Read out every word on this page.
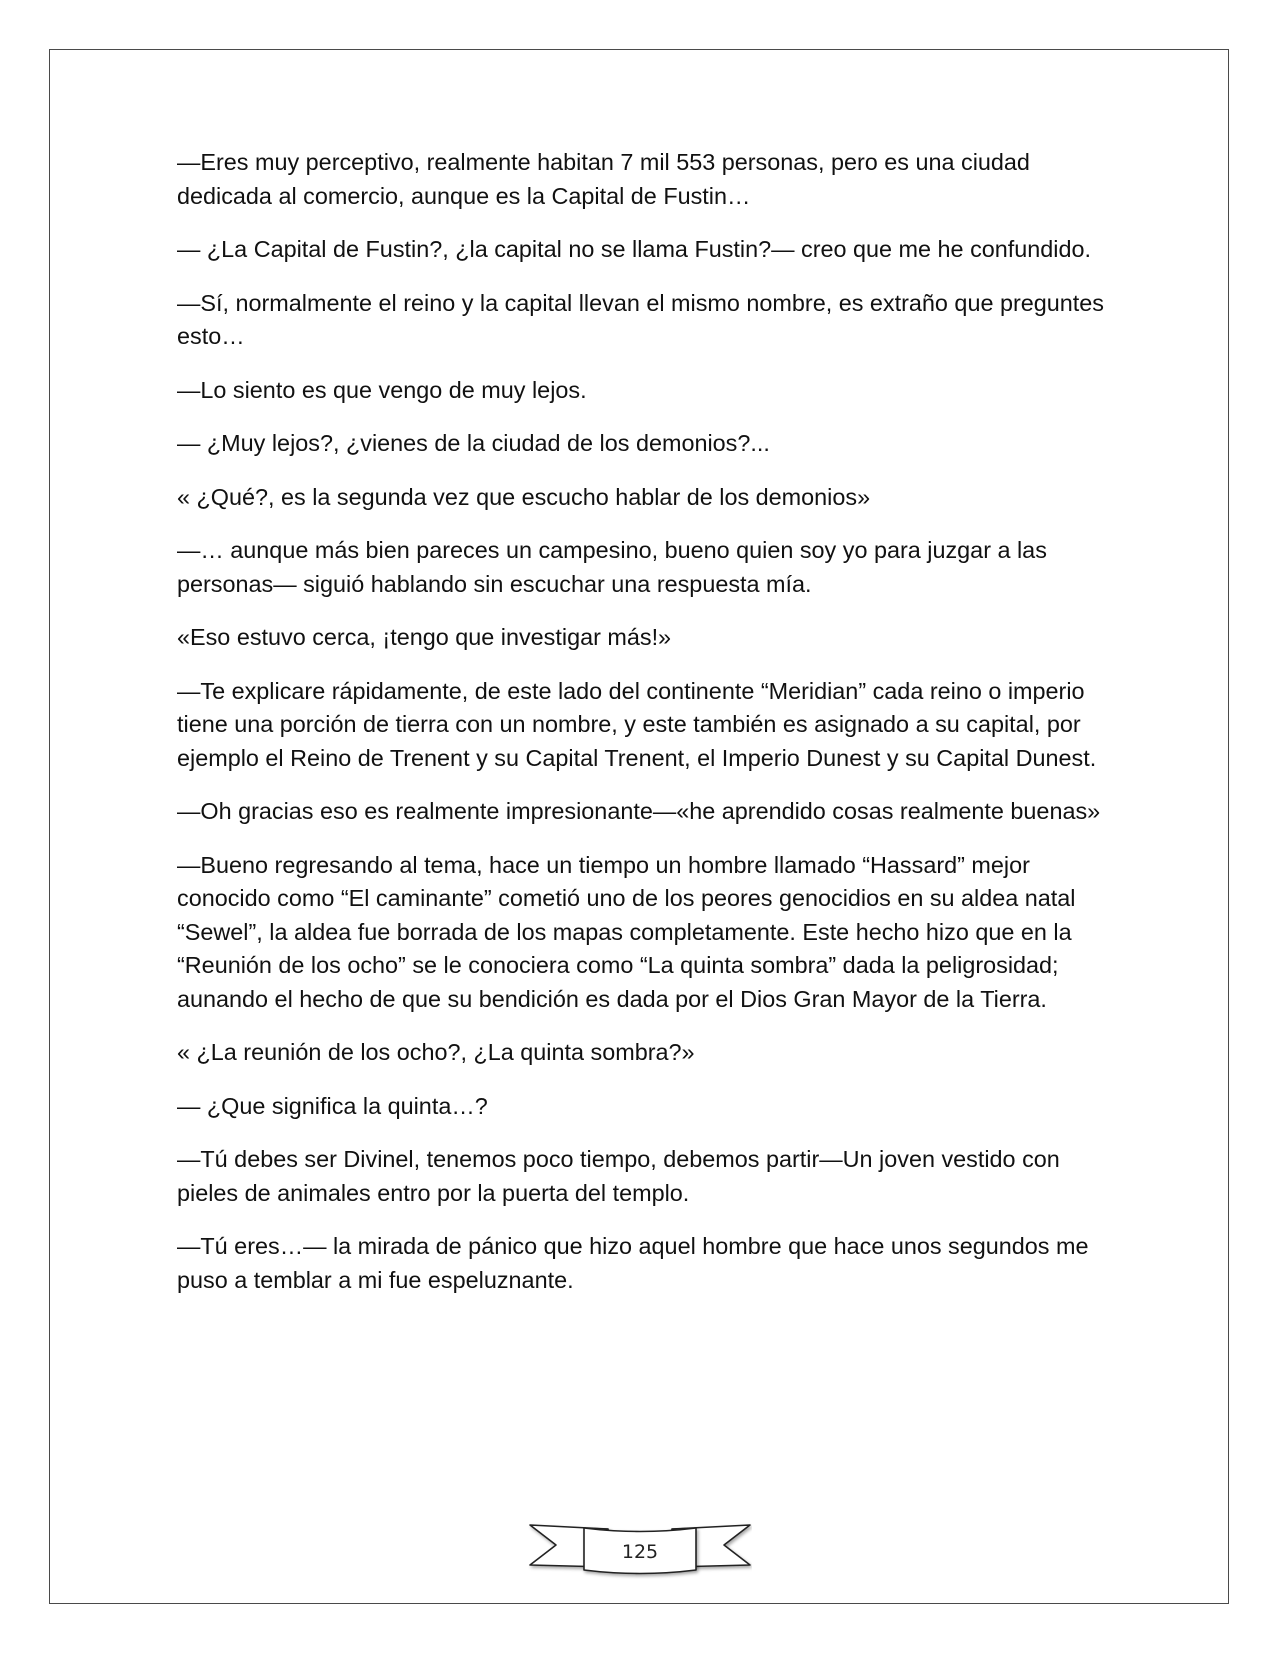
—Eres muy perceptivo, realmente habitan 7 mil 553 personas, pero es una ciudad dedicada al comercio, aunque es la Capital de Fustin…

— ¿La Capital de Fustin?, ¿la capital no se llama Fustin?— creo que me he confundido.

—Sí, normalmente el reino y la capital llevan el mismo nombre, es extraño que preguntes esto…

—Lo siento es que vengo de muy lejos.

— ¿Muy lejos?, ¿vienes de la ciudad de los demonios?...

« ¿Qué?, es la segunda vez que escucho hablar de los demonios»

—… aunque más bien pareces un campesino, bueno quien soy yo para juzgar a las personas— siguió hablando sin escuchar una respuesta mía.

«Eso estuvo cerca, ¡tengo que investigar más!»

—Te explicare rápidamente, de este lado del continente “Meridian” cada reino o imperio tiene una porción de tierra con un nombre, y este también es asignado a su capital, por ejemplo el Reino de Trenent y su Capital Trenent, el Imperio Dunest y su Capital Dunest.

—Oh gracias eso es realmente impresionante—«he aprendido cosas realmente buenas»

—Bueno regresando al tema, hace un tiempo un hombre llamado “Hassard” mejor conocido como “El caminante” cometió uno de los peores genocidios en su aldea natal “Sewel”, la aldea fue borrada de los mapas completamente. Este hecho hizo que en la “Reunión de los ocho” se le conociera como “La quinta sombra” dada la peligrosidad; aunando el hecho de que su bendición es dada por el Dios Gran Mayor de la Tierra.

« ¿La reunión de los ocho?, ¿La quinta sombra?»

— ¿Que significa la quinta…?

—Tú debes ser Divinel, tenemos poco tiempo, debemos partir—Un joven vestido con pieles de animales entro por la puerta del templo.

—Tú eres…— la mirada de pánico que hizo aquel hombre que hace unos segundos me puso a temblar a mi fue espeluznante.

125
